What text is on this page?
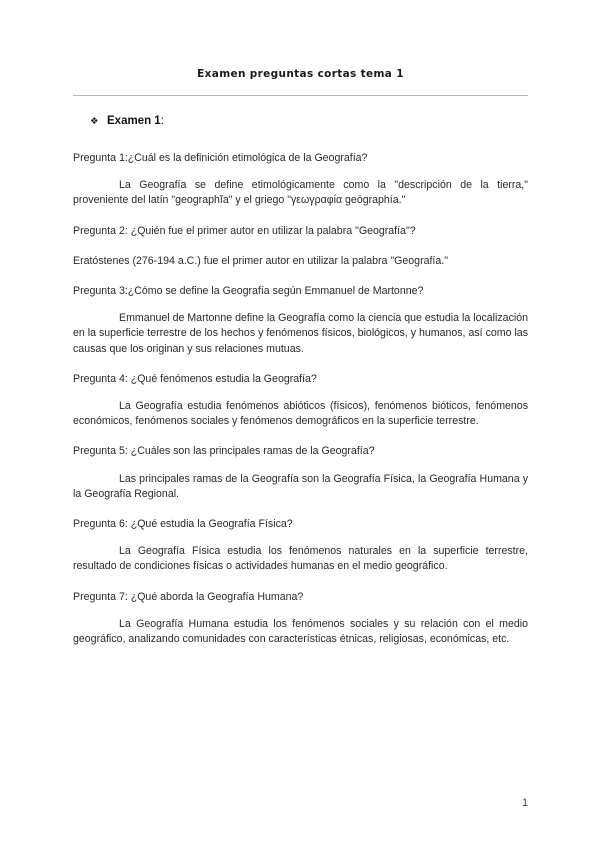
Examen preguntas cortas tema 1
❖ Examen 1:

Pregunta 1:¿Cuál es la definición etimológica de la Geografía?

La Geografía se define etimológicamente como la "descripción de la tierra," proveniente del latín "geographĭa" y el griego "γεωγραφία geōgraphía."

Pregunta 2: ¿Quién fue el primer autor en utilizar la palabra "Geografía"?

Eratóstenes (276-194 a.C.) fue el primer autor en utilizar la palabra "Geografía."

Pregunta 3:¿Cómo se define la Geografía según Emmanuel de Martonne?

Emmanuel de Martonne define la Geografía como la ciencia que estudia la localización en la superficie terrestre de los hechos y fenómenos físicos, biológicos, y humanos, así como las causas que los originan y sus relaciones mutuas.

Pregunta 4: ¿Qué fenómenos estudia la Geografía?

La Geografía estudia fenómenos abióticos (físicos), fenómenos bióticos, fenómenos económicos, fenómenos sociales y fenómenos demográficos en la superficie terrestre.

Pregunta 5: ¿Cuáles son las principales ramas de la Geografía?

Las principales ramas de la Geografía son la Geografía Física, la Geografía Humana y la Geografía Regional.

Pregunta 6: ¿Qué estudia la Geografía Física?

La Geografía Física estudia los fenómenos naturales en la superficie terrestre, resultado de condiciones físicas o actividades humanas en el medio geográfico.

Pregunta 7: ¿Qué aborda la Geografía Humana?

La Geografía Humana estudia los fenómenos sociales y su relación con el medio geográfico, analizando comunidades con características étnicas, religiosas, económicas, etc.

1
